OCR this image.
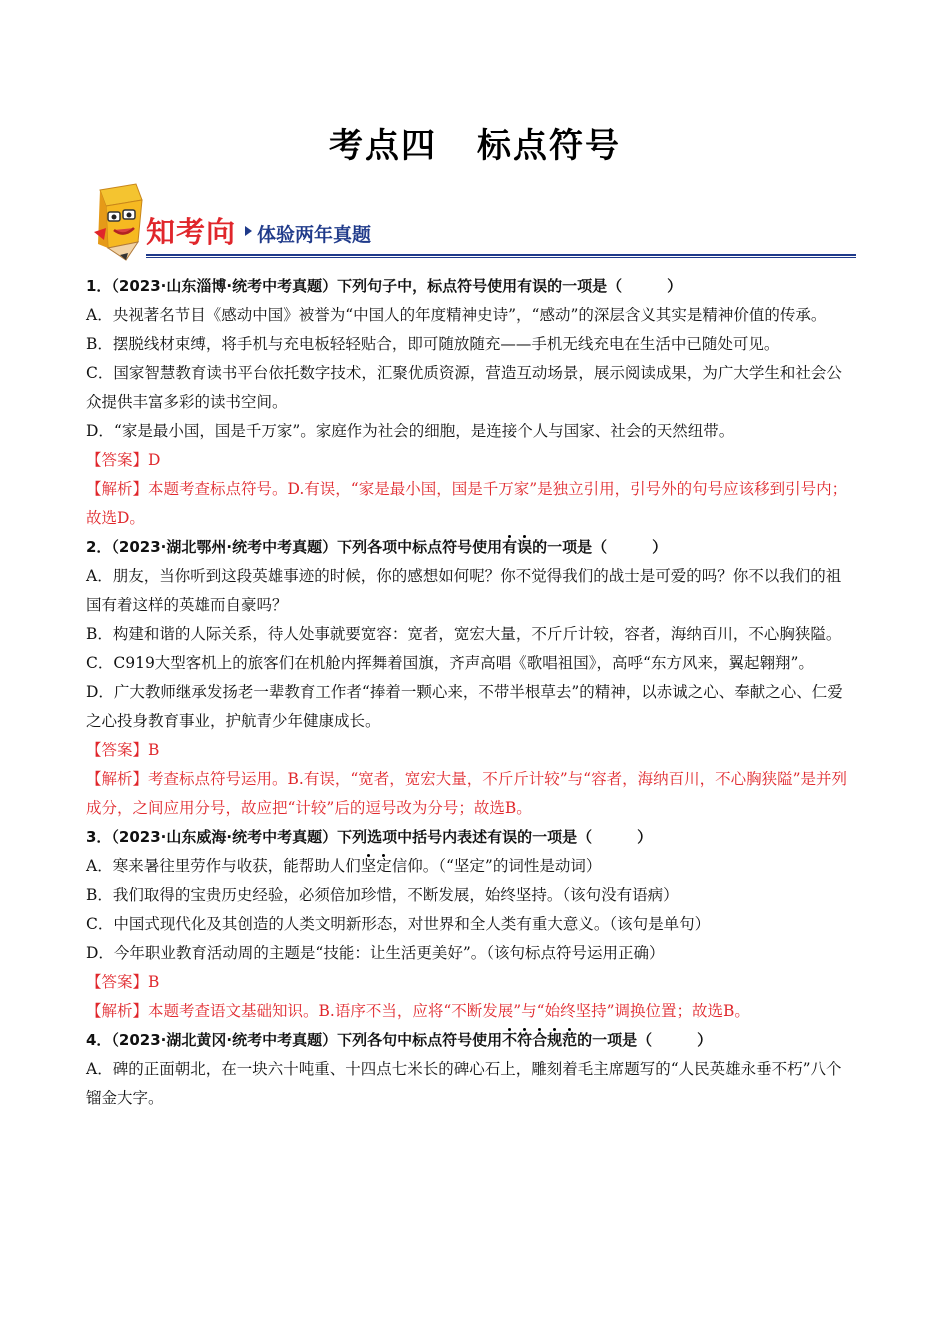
考点四 标点符号
知考向 体验两年真题
1．（2023·山东淄博·统考中考真题）下列句子中，标点符号使用有误的一项是（　　　）
A．央视著名节目《感动中国》被誉为“中国人的年度精神史诗”，“感动”的深层含义其实是精神价值的传承。
B．摆脱线材束缚，将手机与充电板轻轻贴合，即可随放随充——手机无线充电在生活中已随处可见。
C．国家智慧教育读书平台依托数字技术，汇聚优质资源，营造互动场景，展示阅读成果，为广大学生和社会公众提供丰富多彩的读书空间。
D．“家是最小国，国是千万家”。家庭作为社会的细胞，是连接个人与国家、社会的天然纽带。
【答案】D
【解析】本题考查标点符号。D.有误，“家是最小国，国是千万家”是独立引用，引号外的句号应该移到引号内；故选D。
2．（2023·湖北鄂州·统考中考真题）下列各项中标点符号使用有误的一项是（　　　）
A．朋友，当你听到这段英雄事迹的时候，你的感想如何呢？你不觉得我们的战士是可爱的吗？你不以我们的祖国有着这样的英雄而自豪吗？
B．构建和谐的人际关系，待人处事就要宽容：宽者，宽宏大量，不斤斤计较，容者，海纳百川，不心胸狭隘。
C．C919大型客机上的旅客们在机舱内挥舞着国旗，齐声高唱《歌唱祖国》，高呼“东方风来，翼起翱翔”。
D．广大教师继承发扬老一辈教育工作者“捧着一颗心来，不带半根草去”的精神，以赤诚之心、奉献之心、仁爱之心投身教育事业，护航青少年健康成长。
【答案】B
【解析】考查标点符号运用。B.有误，“宽者，宽宏大量，不斤斤计较”与“容者，海纳百川，不心胸狭隘”是并列成分，之间应用分号，故应把“计较”后的逗号改为分号；故选B。
3．（2023·山东威海·统考中考真题）下列选项中括号内表述有误的一项是（　　　）
A．寒来暑往里劳作与收获，能帮助人们坚定信仰。（“坚定”的词性是动词）
B．我们取得的宝贵历史经验，必须倍加珍惜，不断发展，始终坚持。（该句没有语病）
C．中国式现代化及其创造的人类文明新形态，对世界和全人类有重大意义。（该句是单句）
D．今年职业教育活动周的主题是“技能：让生活更美好”。（该句标点符号运用正确）
【答案】B
【解析】本题考查语文基础知识。B.语序不当，应将“不断发展”与“始终坚持”调换位置；故选B。
4．（2023·湖北黄冈·统考中考真题）下列各句中标点符号使用不符合规范的一项是（　　　）
A．碑的正面朝北，在一块六十吨重、十四点七米长的碑心石上，雕刻着毛主席题写的“人民英雄永垂不朽”八个镏金大字。
